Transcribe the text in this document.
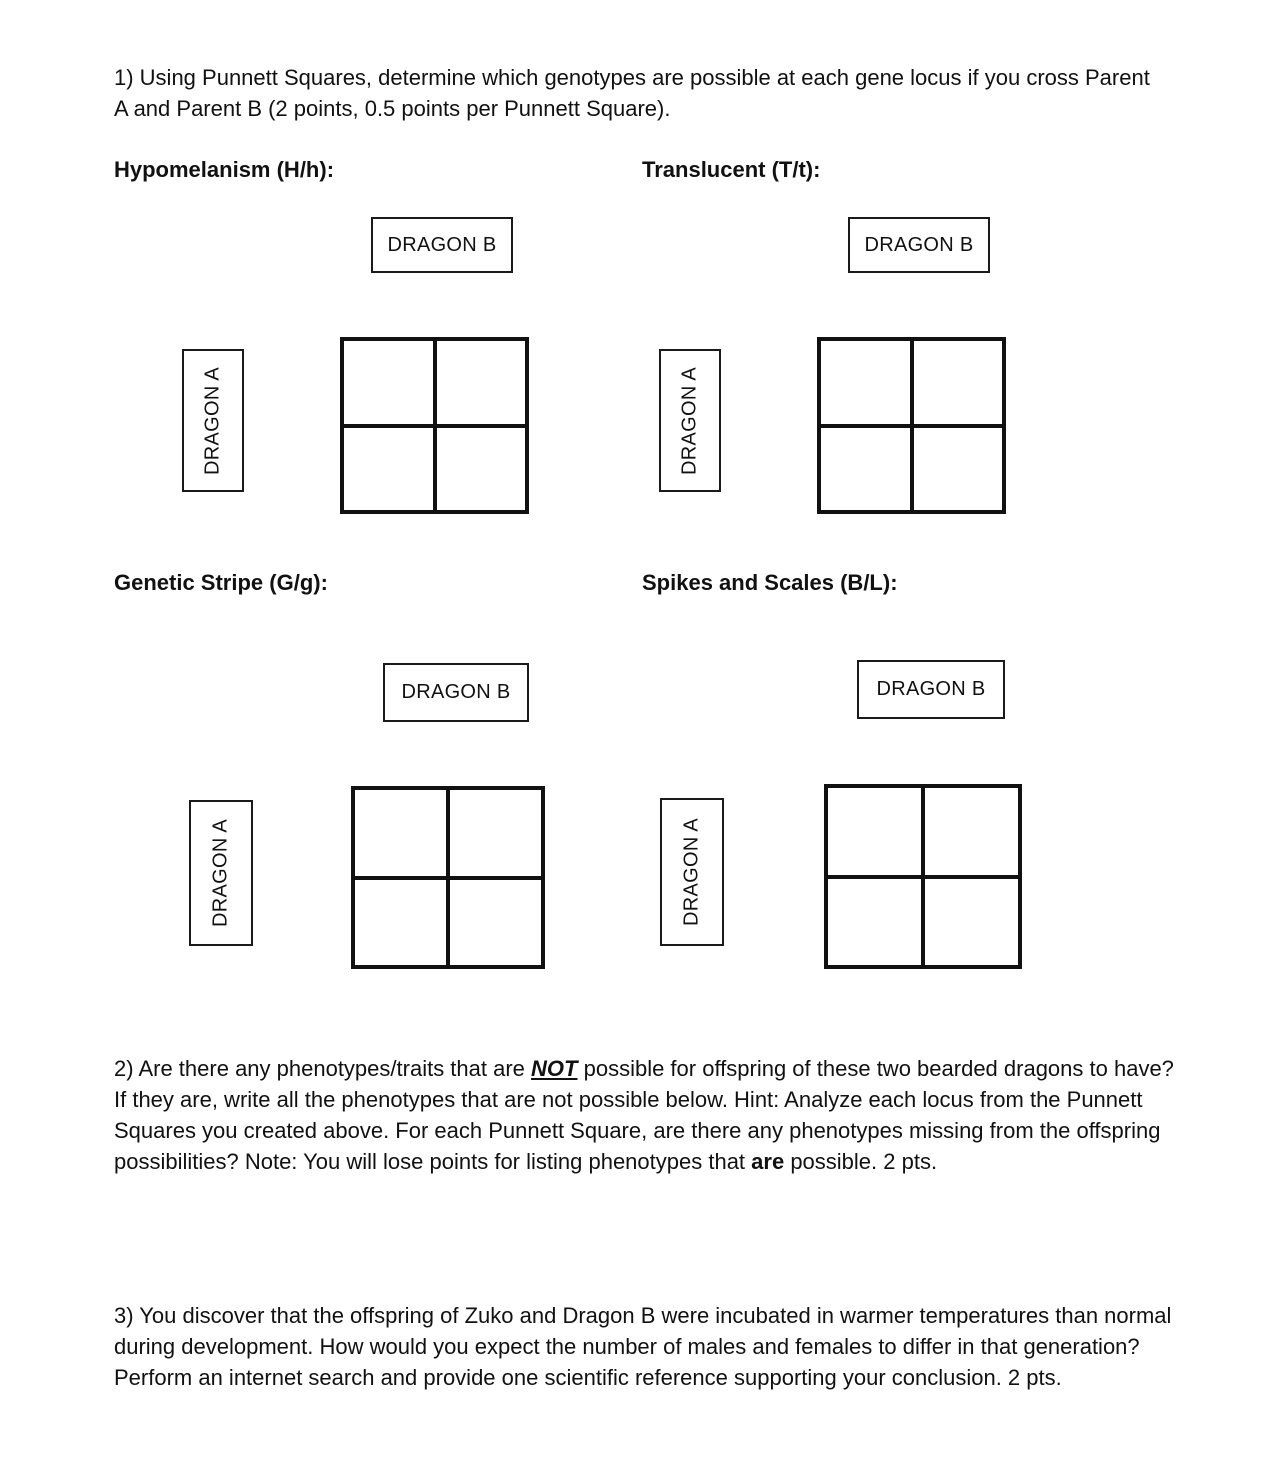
1) Using Punnett Squares, determine which genotypes are possible at each gene locus if you cross Parent A and Parent B (2 points, 0.5 points per Punnett Square).

Hypomelanism (H/h):
DRAGON B
DRAGON A
Translucent (T/t):
DRAGON B
DRAGON A
Genetic Stripe (G/g):
DRAGON B
DRAGON A
Spikes and Scales (B/L):
DRAGON B
DRAGON A

2) Are there any phenotypes/traits that are NOT possible for offspring of these two bearded dragons to have? If they are, write all the phenotypes that are not possible below. Hint: Analyze each locus from the Punnett Squares you created above. For each Punnett Square, are there any phenotypes missing from the offspring possibilities? Note: You will lose points for listing phenotypes that are possible. 2 pts.

3) You discover that the offspring of Zuko and Dragon B were incubated in warmer temperatures than normal during development. How would you expect the number of males and females to differ in that generation? Perform an internet search and provide one scientific reference supporting your conclusion. 2 pts.
